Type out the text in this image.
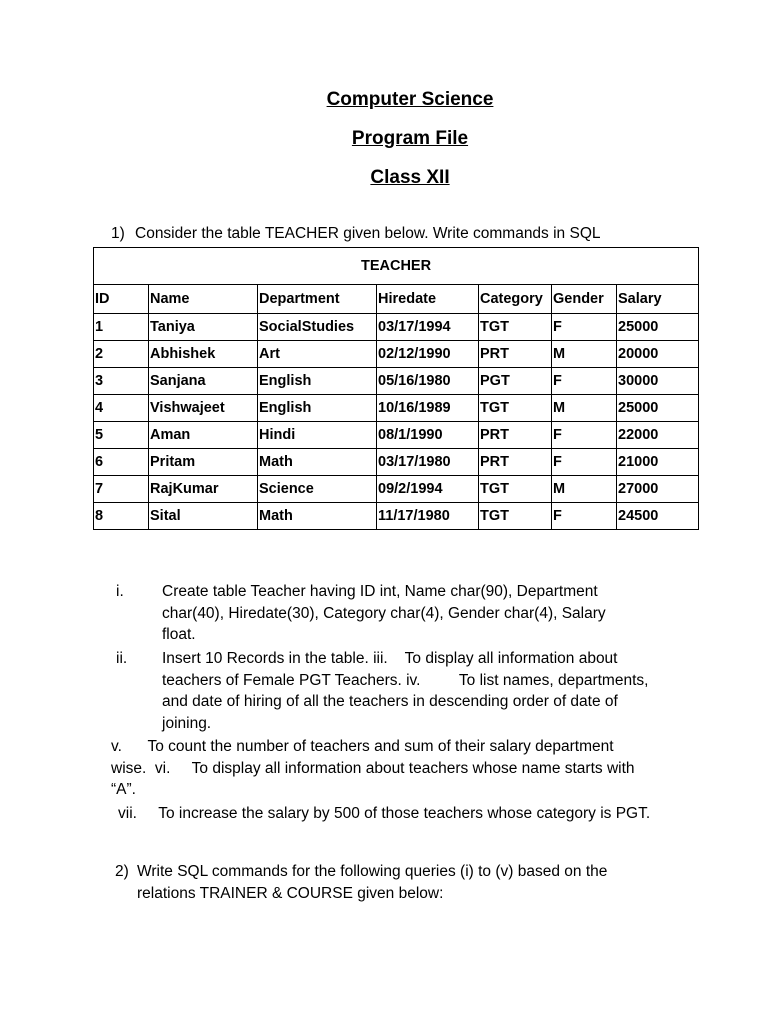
Computer Science
Program File
Class XII
1) Consider the table TEACHER given below. Write commands in SQL
TEACHER						
ID	Name	Department	Hiredate	Category	Gender	Salary
1	Taniya	SocialStudies	03/17/1994	TGT	F	25000
2	Abhishek	Art	02/12/1990	PRT	M	20000
3	Sanjana	English	05/16/1980	PGT	F	30000
4	Vishwajeet	English	10/16/1989	TGT	M	25000
5	Aman	Hindi	08/1/1990	PRT	F	22000
6	Pritam	Math	03/17/1980	PRT	F	21000
7	RajKumar	Science	09/2/1994	TGT	M	27000
8	Sital	Math	11/17/1980	TGT	F	24500
i. Create table Teacher having ID int, Name char(90), Department
char(40), Hiredate(30), Category char(4), Gender char(4), Salary
float.
ii. Insert 10 Records in the table. iii.    To display all information about
teachers of Female PGT Teachers. iv.         To list names, departments,
and date of hiring of all the teachers in descending order of date of
joining.
v.      To count the number of teachers and sum of their salary department
wise.  vi.     To display all information about teachers whose name starts with
“A”.
vii. To increase the salary by 500 of those teachers whose category is PGT.
2) Write SQL commands for the following queries (i) to (v) based on the
relations TRAINER & COURSE given below:
